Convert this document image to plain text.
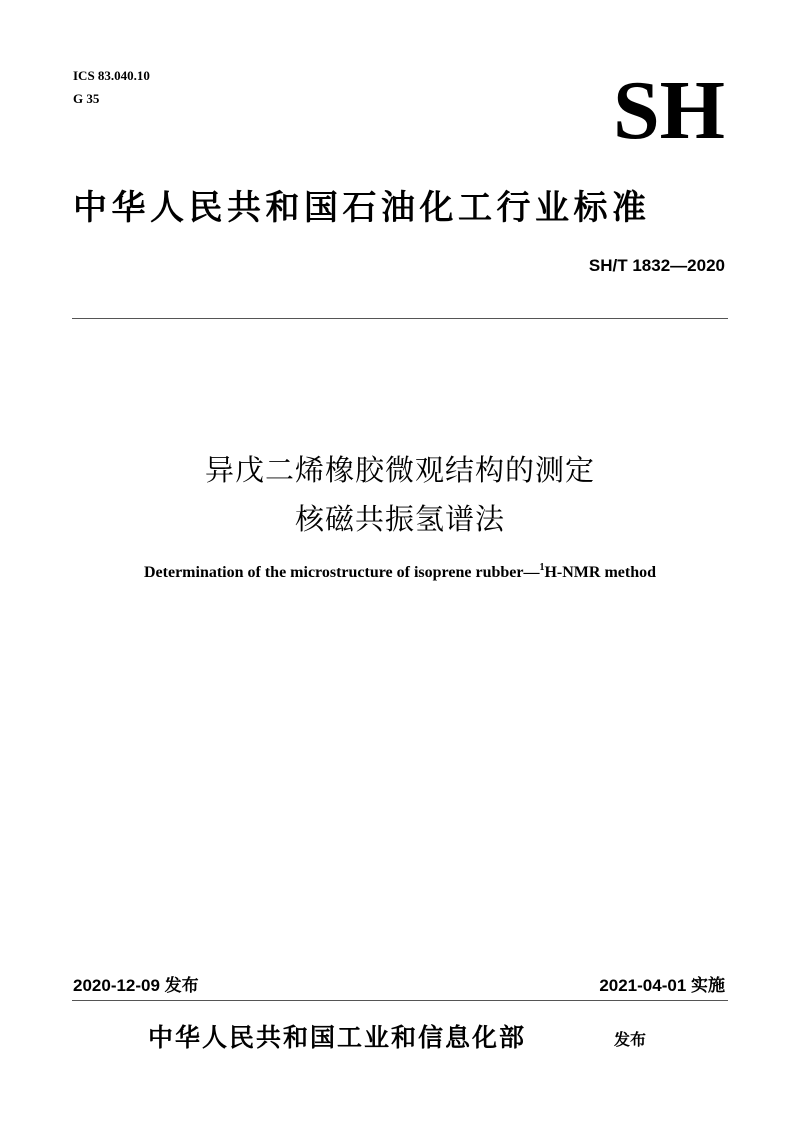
ICS 83.040.10
G 35	SH
中华人民共和国石油化工行业标准
SH/T 1832—2020
异戊二烯橡胶微观结构的测定
核磁共振氢谱法
Determination of the microstructure of isoprene rubber—$^1$H-NMR method
2020-12-09 发布	2021-04-01 实施
中华人民共和国工业和信息化部	发布
